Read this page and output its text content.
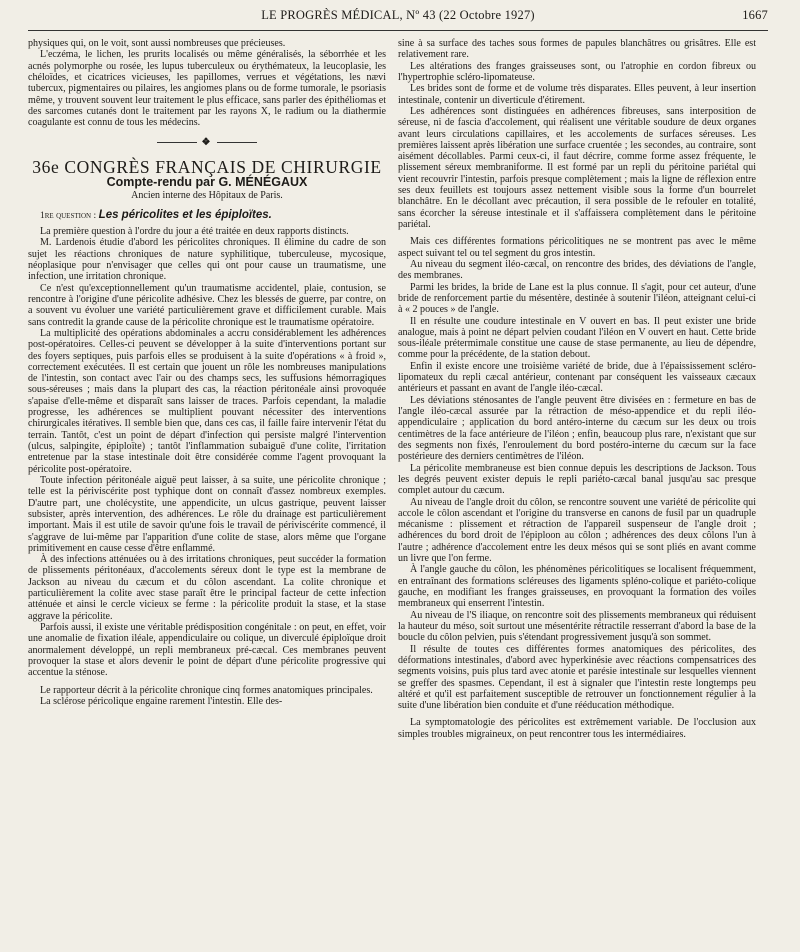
LE PROGRÈS MÉDICAL, Nº 43 (22 Octobre 1927)	1667

physiques qui, on le voit, sont aussi nombreuses que précieuses.

L'eczéma, le lichen, les prurits localisés ou même généralisés, la séborrhée et les acnés polymorphe ou rosée, les lupus tuberculeux ou érythémateux, la leucoplasie, les chéloïdes, et cicatrices vicieuses, les papillomes, verrues et végétations, les nævi tubercux, pigmentaires ou pilaires, les angiomes plans ou de forme tumorale, le psoriasis même, y trouvent souvent leur traitement le plus efficace, sans parler des épithéliomas et des sarcomes cutanés dont le traitement par les rayons X, le radium ou la diathermie coagulante est connu de tous les médecins.

❖
36e CONGRÈS FRANÇAIS DE CHIRURGIE
Compte-rendu par G. MÉNÉGAUX
Ancien interne des Hôpitaux de Paris.
1re question : Les péricolites et les épiploïtes.

La première question à l'ordre du jour a été traitée en deux rapports distincts.

M. Lardenois étudie d'abord les péricolites chroniques. Il élimine du cadre de son sujet les réactions chroniques de nature syphilitique, tuberculeuse, mycosique, néoplasique pour n'envisager que celles qui ont pour cause un traumatisme, une infection, une irritation chronique.

Ce n'est qu'exceptionnellement qu'un traumatisme accidentel, plaie, contusion, se rencontre à l'origine d'une péricolite adhésive. Chez les blessés de guerre, par contre, on a souvent vu évoluer une variété particulièrement grave et difficilement curable. Mais sans contredit la grande cause de la péricolite chronique est le traumatisme opératoire.

La multiplicité des opérations abdominales a accru considérablement les adhérences post-opératoires. Celles-ci peuvent se développer à la suite d'interventions portant sur des foyers septiques, puis parfois elles se produisent à la suite d'opérations « à froid », correctement exécutées. Il est certain que jouent un rôle les nombreuses manipulations de l'intestin, son contact avec l'air ou des champs secs, les suffusions hémorragiques sous-séreuses ; mais dans la plupart des cas, la réaction péritonéale ainsi provoquée s'apaise d'elle-même et disparaît sans laisser de traces. Parfois cependant, la maladie progresse, les adhérences se multiplient pouvant nécessiter des interventions chirurgicales itératives. Il semble bien que, dans ces cas, il faille faire intervenir l'état du terrain. Tantôt, c'est un point de départ d'infection qui persiste malgré l'intervention (ulcus, salpingite, épiploïte) ; tantôt l'inflammation subaiguë d'une colite, l'irritation entretenue par la stase intestinale doit être considérée comme l'agent provoquant la péricolite post-opératoire.

Toute infection péritonéale aiguë peut laisser, à sa suite, une péricolite chronique ; telle est la périviscérite post typhique dont on connaît d'assez nombreux exemples. D'autre part, une cholécystite, une appendicite, un ulcus gastrique, peuvent laisser subsister, après intervention, des adhérences. Le rôle du drainage est particulièrement important. Mais il est utile de savoir qu'une fois le travail de périviscérite commencé, il s'aggrave de lui-même par l'apparition d'une colite de stase, alors même que l'organe primitivement en cause cesse d'être enflammé.

À des infections atténuées ou à des irritations chroniques, peut succéder la formation de plissements péritonéaux, d'accolements séreux dont le type est la membrane de Jackson au niveau du cæcum et du côlon ascendant. La colite chronique et particulièrement la colite avec stase paraît être le principal facteur de cette infection atténuée et ainsi le cercle vicieux se ferme : la péricolite produit la stase, et la stase aggrave la péricolite.

Parfois aussi, il existe une véritable prédisposition congénitale : on peut, en effet, voir une anomalie de fixation iléale, appendiculaire ou colique, un diverculé épiploïque droit anormalement développé, un repli membraneux pré-cæcal. Ces membranes peuvent provoquer la stase et alors devenir le point de départ d'une péricolite progressive qui accentue la sténose.

Le rapporteur décrit à la péricolite chronique cinq formes anatomiques principales.

La sclérose péricolique engaine rarement l'intestin. Elle des-

sine à sa surface des taches sous formes de papules blanchâtres ou grisâtres. Elle est relativement rare.

Les altérations des franges graisseuses sont, ou l'atrophie en cordon fibreux ou l'hypertrophie scléro-lipomateuse.

Les brides sont de forme et de volume très disparates. Elles peuvent, à leur insertion intestinale, contenir un diverticule d'étirement.

Les adhérences sont distinguées en adhérences fibreuses, sans interposition de séreuse, ni de fascia d'accolement, qui réalisent une véritable soudure de deux organes avant leurs circulations capillaires, et les accolements de surfaces séreuses. Les premières laissent après libération une surface cruentée ; les secondes, au contraire, sont aisément décollables. Parmi ceux-ci, il faut décrire, comme forme assez fréquente, le plissement séreux membraniforme. Il est formé par un repli du péritoine pariétal qui vient recouvrir l'intestin, parfois presque complètement ; mais la ligne de réflexion entre ses deux feuillets est toujours assez nettement visible sous la forme d'un bourrelet blanchâtre. En le décollant avec précaution, il sera possible de le refouler en totalité, sans écorcher la séreuse intestinale et il s'affaissera complètement dans le péritoine pariétal.

Mais ces différentes formations péricolitiques ne se montrent pas avec le même aspect suivant tel ou tel segment du gros intestin.

Au niveau du segment iléo-cæcal, on rencontre des brides, des déviations de l'angle, des membranes.

Parmi les brides, la bride de Lane est la plus connue. Il s'agit, pour cet auteur, d'une bride de renforcement partie du mésentère, destinée à soutenir l'iléon, atteignant celui-ci à « 2 pouces » de l'angle.

Il en résulte une coudure intestinale en V ouvert en bas. Il peut exister une bride analogue, mais à point ne départ pelvien coudant l'iléon en V ouvert en haut. Cette bride sous-iléale prétermimale constitue une cause de stase permanente, au lieu de dépendre, comme pour la précédente, de la station debout.

Enfin il existe encore une troisième variété de bride, due à l'épaississement scléro-lipomateux du repli cæcal antérieur, contenant par conséquent les vaisseaux cæcaux antérieurs et passant en avant de l'angle iléo-cæcal.

Les déviations sténosantes de l'angle peuvent être divisées en : fermeture en bas de l'angle iléo-cæcal assurée par la rétraction de méso-appendice et du repli iléo-appendiculaire ; application du bord antéro-interne du cæcum sur les deux ou trois centimètres de la face antérieure de l'iléon ; enfin, beaucoup plus rare, n'existant que sur des segments non fixés, l'enroulement du bord postéro-interne du cæcum sur la face postérieure des derniers centimètres de l'iléon.

La péricolite membraneuse est bien connue depuis les descriptions de Jackson. Tous les degrés peuvent exister depuis le repli pariéto-cæcal banal jusqu'au sac presque complet autour du cæcum.

Au niveau de l'angle droit du côlon, se rencontre souvent une variété de péricolite qui accole le côlon ascendant et l'origine du transverse en canons de fusil par un quadruple mécanisme : plissement et rétraction de l'appareil suspenseur de l'angle droit ; adhérences du bord droit de l'épiploon au côlon ; adhérences des deux côlons l'un à l'autre ; adhérence d'accolement entre les deux mésos qui se sont pliés en avant comme un livre que l'on ferme.

À l'angle gauche du côlon, les phénomènes péricolitiques se localisent fréquemment, en entraînant des formations scléreuses des ligaments spléno-colique et pariéto-colique gauche, en modifiant les franges graisseuses, en provoquant la formation des voiles membraneux qui enserrent l'intestin.

Au niveau de l'S iliaque, on rencontre soit des plissements membraneux qui réduisent la hauteur du méso, soit surtout une mésentérite rétractile resserrant d'abord la base de la boucle du côlon pelvien, puis s'étendant progressivement jusqu'à son sommet.

Il résulte de toutes ces différentes formes anatomiques des péricolites, des déformations intestinales, d'abord avec hyperkinésie avec réactions compensatrices des segments voisins, puis plus tard avec atonie et parésie intestinale sur lesquelles viennent se greffer des spasmes. Cependant, il est à signaler que l'intestin reste longtemps peu altéré et qu'il est parfaitement susceptible de retrouver un fonctionnement régulier à la suite d'une libération bien conduite et d'une rééducation méthodique.

La symptomatologie des péricolites est extrêmement variable. De l'occlusion aux simples troubles migraineux, on peut rencontrer tous les intermédiaires.
